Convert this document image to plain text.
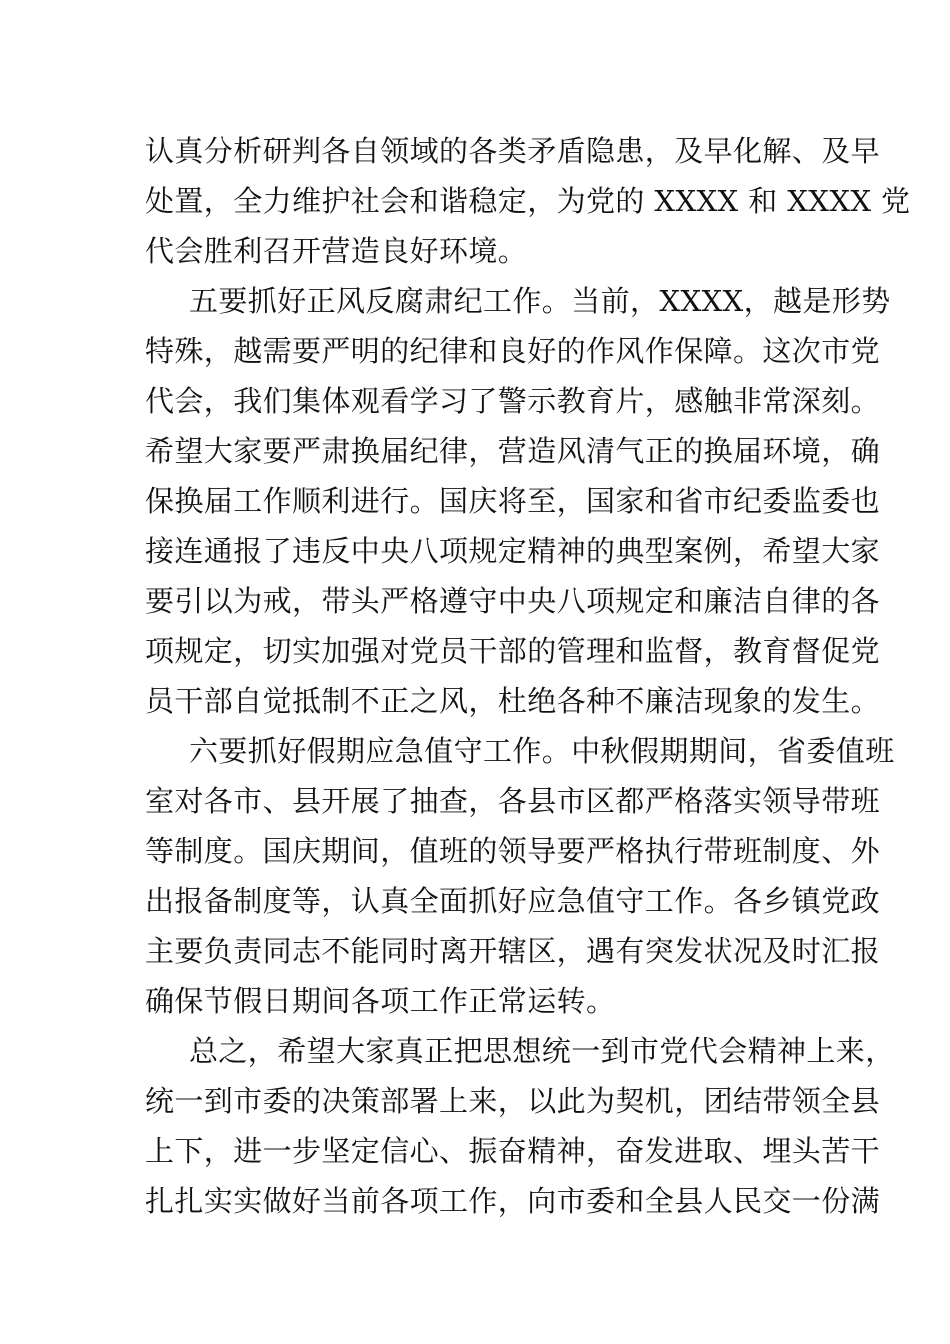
认真分析研判各自领域的各类矛盾隐患，及早化解、及早
处置，全力维护社会和谐稳定，为党的 XXXX 和 XXXX 党
代会胜利召开营造良好环境。
五要抓好正风反腐肃纪工作。当前，XXXX，越是形势
特殊，越需要严明的纪律和良好的作风作保障。这次市党
代会，我们集体观看学习了警示教育片，感触非常深刻。
希望大家要严肃换届纪律，营造风清气正的换届环境，确
保换届工作顺利进行。国庆将至，国家和省市纪委监委也
接连通报了违反中央八项规定精神的典型案例，希望大家
要引以为戒，带头严格遵守中央八项规定和廉洁自律的各
项规定，切实加强对党员干部的管理和监督，教育督促党
员干部自觉抵制不正之风，杜绝各种不廉洁现象的发生。
六要抓好假期应急值守工作。中秋假期期间，省委值班
室对各市、县开展了抽查，各县市区都严格落实领导带班
等制度。国庆期间，值班的领导要严格执行带班制度、外
出报备制度等，认真全面抓好应急值守工作。各乡镇党政
主要负责同志不能同时离开辖区，遇有突发状况及时汇报
确保节假日期间各项工作正常运转。
总之，希望大家真正把思想统一到市党代会精神上来，
统一到市委的决策部署上来，以此为契机，团结带领全县
上下，进一步坚定信心、振奋精神，奋发进取、埋头苦干
扎扎实实做好当前各项工作，向市委和全县人民交一份满
